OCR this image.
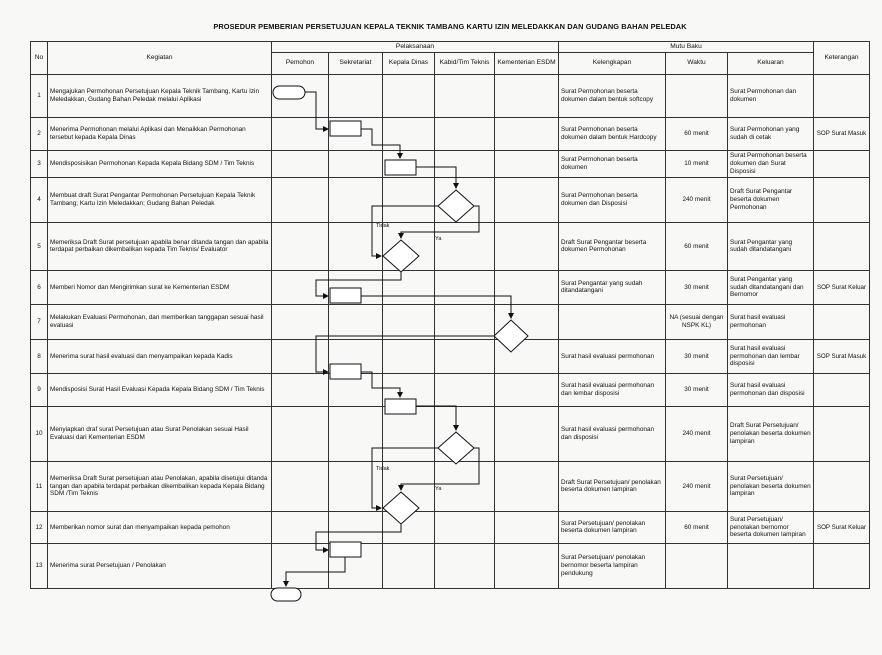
PROSEDUR PEMBERIAN PERSETUJUAN KEPALA TEKNIK TAMBANG KARTU IZIN MELEDAKKAN DAN GUDANG BAHAN PELEDAK
No	Kegiatan	Pelaksanaan					Mutu Baku			Keterangan
		Pemohon	Sekretariat	Kepala Dinas	Kabid/Tim Teknis	Kementerian ESDM	Kelengkapan	Waktu	Keluaran	
1	Mengajukan Permohonan Persetujuan Kepala Teknik Tambang, Kartu Izin Meledakkan, Gudang Bahan Peledak melalui Aplikasi						Surat Permohonan beserta dokumen dalam bentuk softcopy		Surat Permohonan dan dokumen	
2	Menerima Permohonan melalui Aplikasi dan Menaikkan Permohonan tersebut kepada Kepala Dinas						Surat Permohonan beserta dokumen dalam bentuk Hardcopy	60 menit	Surat Permohonan yang sudah di cetak	SOP Surat Masuk
3	Mendisposisikan Permohonan Kepada Kepala Bidang SDM / Tim Teknis						Surat Permohonan beserta dokumen	10 menit	Surat Permohonan beserta dokumen dan Surat Disposisi	
4	Membuat draft Surat Pengantar Permohonan Persetujuan Kepala Teknik Tambang; Kartu Izin Meledakkan; Gudang Bahan Peledak						Surat Permohonan beserta dokumen dan Disposisi	240 menit	Draft Surat Pengantar beserta dokumen Permohonan	
5	Memeriksa Draft Surat persetujuan apabila benar ditanda tangan dan apabila terdapat perbaikan dikembalikan kepada Tim Teknis/ Evaluator						Draft Surat Pengantar beserta dokumen Permohonan	60 menit	Surat Pengantar yang sudah ditandatangani	
6	Memberi Nomor dan Mengirimkan surat ke Kementerian ESDM						Surat Pengantar yang sudah ditandatangani	30 menit	Surat Pengantar yang sudah ditandatangani dan Bernomor	SOP Surat Keluar
7	Melakukan Evaluasi Permohonan, dan memberikan tanggapan sesuai hasil evaluasi							NA (sesuai dengan NSPK KL)	Surat hasil evaluasi permohonan	
8	Menerima surat hasil evaluasi dan menyampaikan kepada Kadis						Surat hasil evaluasi permohonan	30 menit	Surat hasil evaluasi permohonan dan lembar disposisi	SOP Surat Masuk
9	Mendisposisi Surat Hasil Evaluasi Kepada Kepala Bidang SDM / Tim Teknis						Surat hasil evaluasi permohonan dan lembar disposisi	30 menit	Surat hasil evaluasi permohonan dan disposisi	
10	Menyiapkan draf surat Persetujuan atau Surat Penolakan sesuai Hasil Evaluasi dari Kementerian ESDM						Surat hasil evaluasi permohonan dan disposisi	240 menit	Draft Surat Persetujuan/ penolakan beserta dokumen lampiran	
11	Memeriksa Draft Surat persetujuan atau Penolakan, apabila disetujui ditanda tangan dan apabila terdapat perbaikan dikembalikan kepada Kepala Bidang SDM /Tim Teknis						Draft Surat Persetujuan/ penolakan beserta dokumen lampiran	240 menit	Surat Persetujuan/ penolakan beserta dokumen lampiran	
12	Memberikan nomor surat dan menyampaikan kepada pemohon						Surat Persetujuan/ penolakan beserta dokumen lampiran	60 menit	Surat Persetujuan/ penolakan bernomor beserta dokumen lampiran	SOP Surat Keluar
13	Menerima surat Persetujuan / Penolakan						Surat Persetujuan/ penolakan bernomor beserta lampiran pendukung			
Tidak
Ya
Tidak
Ya
